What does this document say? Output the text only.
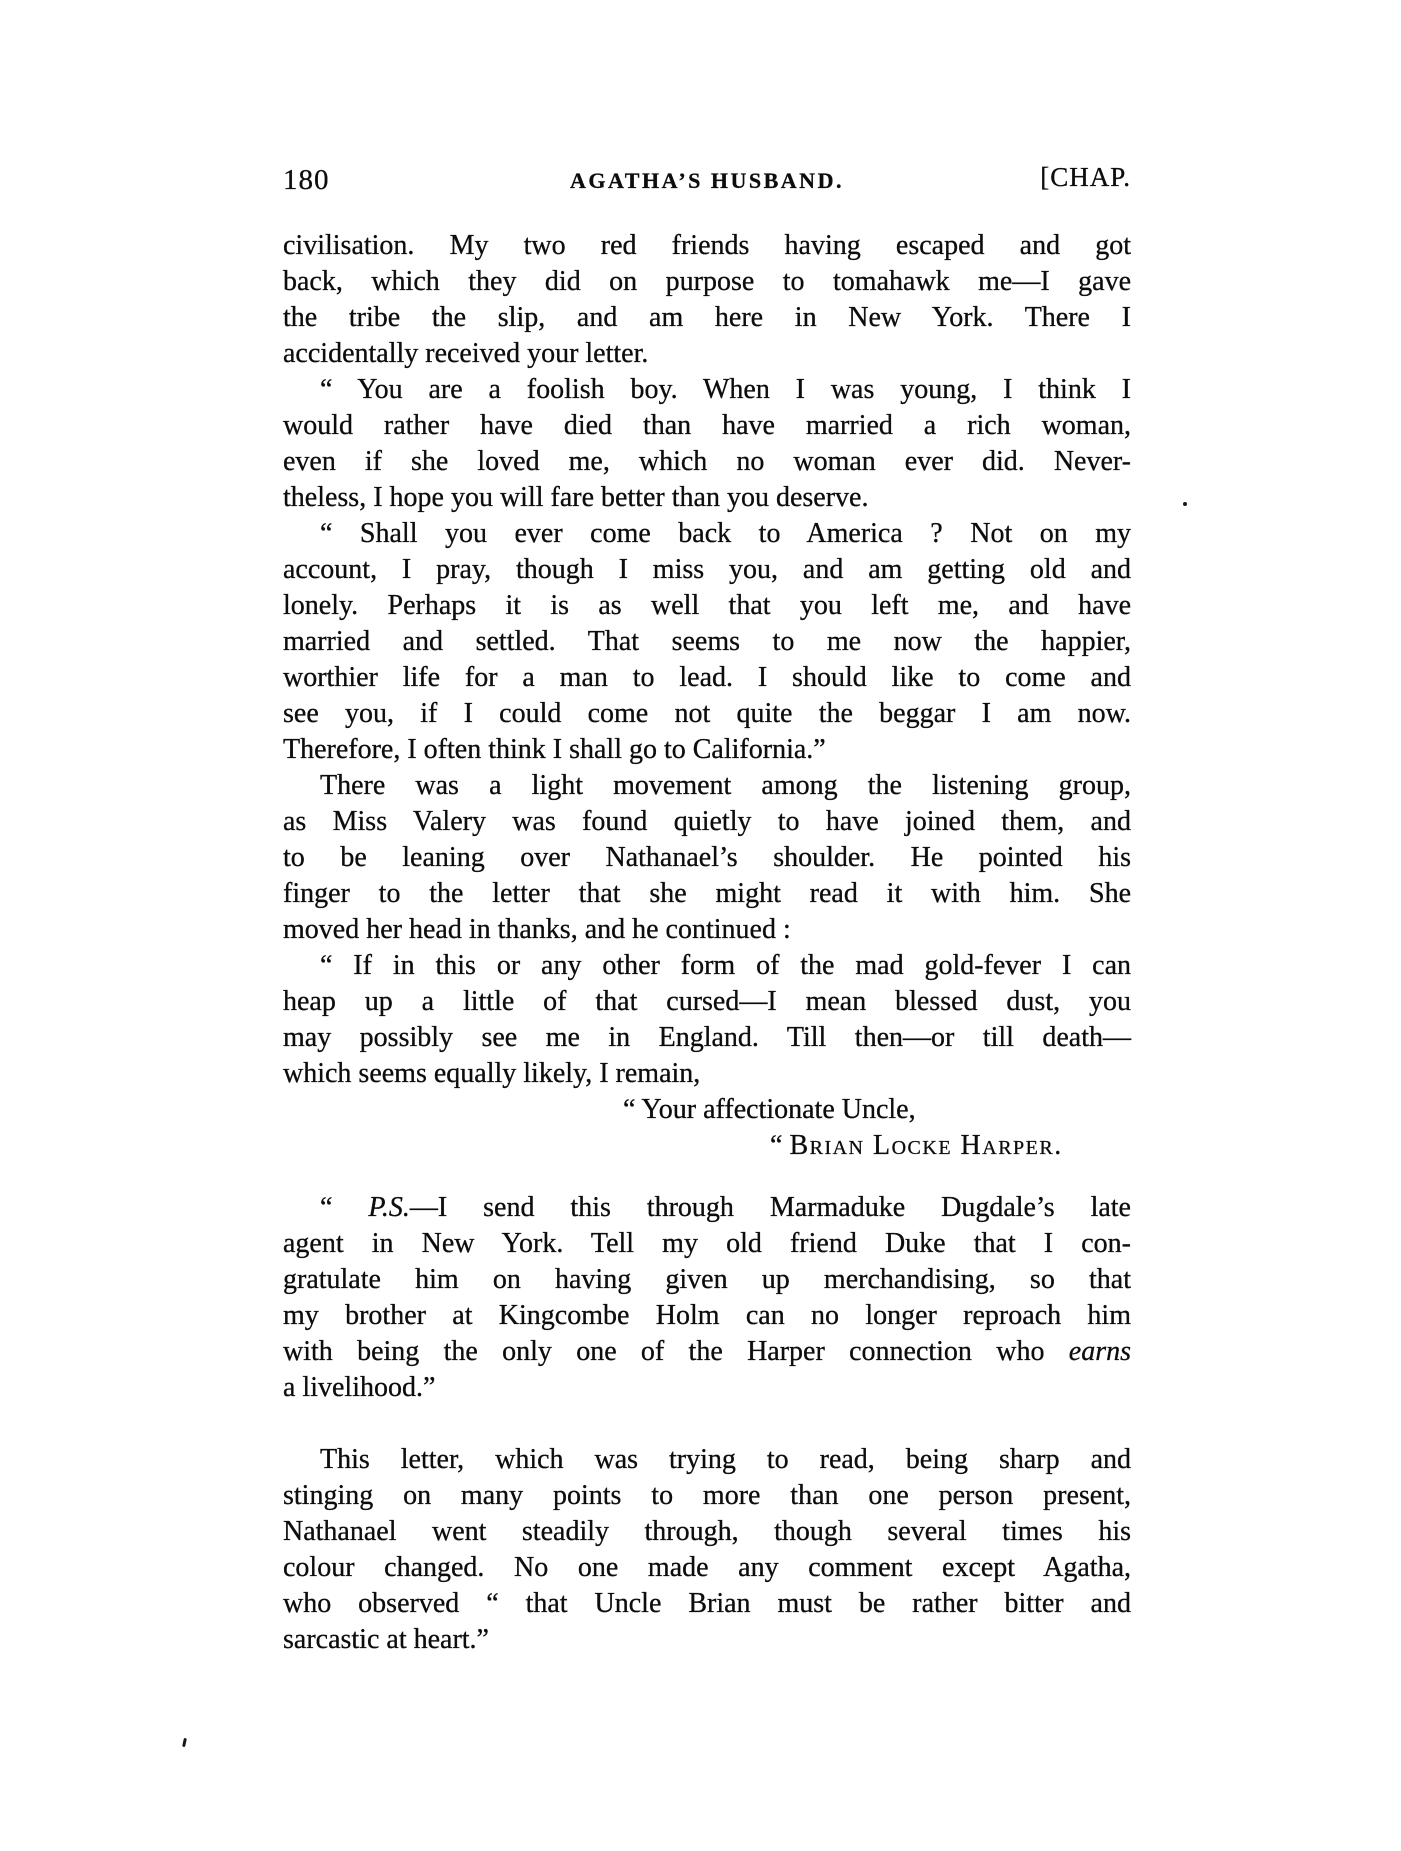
180	AGATHA’S HUSBAND.	[CHAP.
civilisation. My two red friends having escaped and got
back, which they did on purpose to tomahawk me—I gave
the tribe the slip, and am here in New York. There I
accidentally received your letter.
“ You are a foolish boy. When I was young, I think I
would rather have died than have married a rich woman,
even if she loved me, which no woman ever did. Never-
theless, I hope you will fare better than you deserve.
“ Shall you ever come back to America ? Not on my
account, I pray, though I miss you, and am getting old and
lonely. Perhaps it is as well that you left me, and have
married and settled. That seems to me now the happier,
worthier life for a man to lead. I should like to come and
see you, if I could come not quite the beggar I am now.
Therefore, I often think I shall go to California.”
There was a light movement among the listening group,
as Miss Valery was found quietly to have joined them, and
to be leaning over Nathanael’s shoulder. He pointed his
finger to the letter that she might read it with him. She
moved her head in thanks, and he continued :
“ If in this or any other form of the mad gold-fever I can
heap up a little of that cursed—I mean blessed dust, you
may possibly see me in England. Till then—or till death—
which seems equally likely, I remain,
“ Your affectionate Uncle,
“ Brian Locke Harper.
“ P.S.—I send this through Marmaduke Dugdale’s late
agent in New York. Tell my old friend Duke that I con-
gratulate him on having given up merchandising, so that
my brother at Kingcombe Holm can no longer reproach him
with being the only one of the Harper connection who earns
a livelihood.”
This letter, which was trying to read, being sharp and
stinging on many points to more than one person present,
Nathanael went steadily through, though several times his
colour changed. No one made any comment except Agatha,
who observed “ that Uncle Brian must be rather bitter and
sarcastic at heart.”
